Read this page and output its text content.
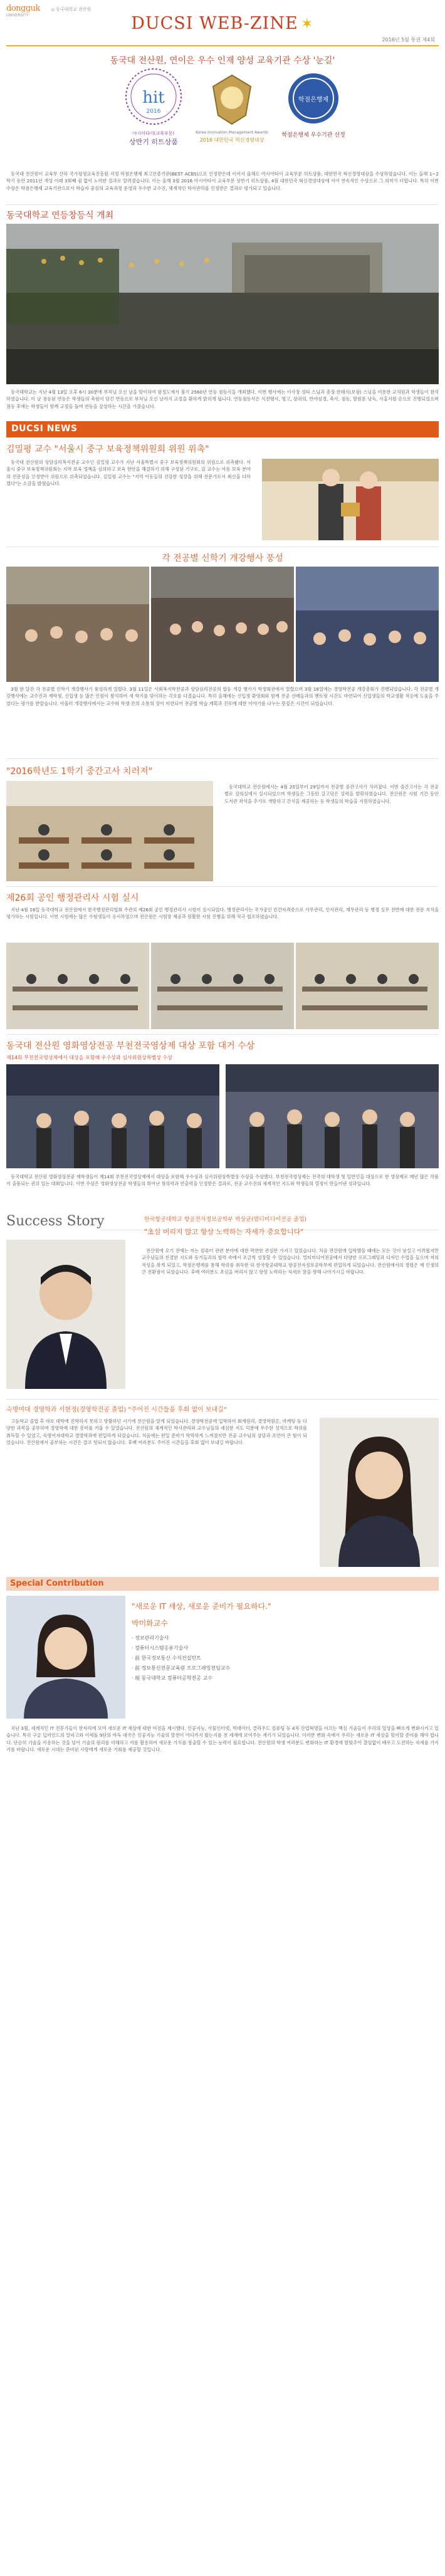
dongguk
UNIVERSITY
동국대학교 전산원
DUCSI WEB-ZINE ✶
2016년 5월 통권 제4회
동국대 전산원, 연이은 우수 인재 양성 교육기관 수상 '눈길'
hit
2016
아시아타이(교육부문)
상반기 히트상품
Korea Innovation Management Awards
2016 대한민국 혁신경영대상
학점은행제
학점은행제 우수기관 선정

동국대 전산원이 교육부 산하 국가평생교육진흥원 지정 학점은행제 최고인증기관(BEST ACBS)으로 인정받은데 이어서 올해도 아시아타이 교육부문 히트상품, 대한민국 혁신경영대상을 수상하였습니다. 이는 올해 1~2학기 동안 2011년 개설 이래 3회째 쉼 없이 노력한 결과로 알려졌습니다. 이는 올해 3월 2016 아시아타이 교육부문 상반기 히트상품, 4월 대한민국 혁신경영대상에 이어 연속적인 수상으로 그 의미가 더합니다. 특히 이번 수상은 학점은행제 교육기관으로서 학습자 중심의 교육과정 운영과 우수한 교수진, 체계적인 학사관리를 인정받은 결과로 평가되고 있습니다.

동국대학교 연등창등식 개최

동국대학교는 지난 4월 13일 오후 6시 30분에 부처님 오신 날을 맞이하여 팔정도에서 불기 2560년 연등 점등식을 개최했다. 이번 행사에는 이사장 성타 스님과 총장 한태식(보광) 스님을 비롯한 교직원과 학생들이 참석하였습니다. 이 날 점등된 연등은 학생들의 축원이 담긴 연등으로 부처님 오신 날까지 교정을 환하게 밝히게 됩니다. 연등점등식은 식전행사, 명고, 삼귀의, 반야심경, 축사, 점등, 발원문 낭독, 사홍서원 순으로 진행되었으며 점등 후에는 학생들이 함께 교정을 돌며 연등을 감상하는 시간을 가졌습니다.

DUCSI NEWS
김밀평 교수 "서울시 중구 보육정책위원회 위원 위촉"

동국대 전산원의 상담심리복지전공 교수인 김밀평 교수가 지난 서울특별시 중구 보육정책위원회의 위원으로 위촉됐다. 서울시 중구 보육정책위원회는 지역 보육 정책을 심의하고 보육 현안을 해결하기 위해 구성된 기구로, 김 교수는 아동 보육 분야의 전문성을 인정받아 위원으로 위촉되었습니다. 김밀평 교수는 "지역 아동들의 건강한 성장을 위해 전문가로서 최선을 다하겠다"는 소감을 밝혔습니다.

각 전공별 신학기 개강행사 풍성

3월 한 달간 각 전공별 신학기 개강행사가 풍성하게 열렸다. 3월 11일은 사회복지학전공과 상담심리전공의 합동 개강 행사가 학생회관에서 열렸으며 3월 18일에는 경영학전공 개강총회가 진행되었습니다. 각 전공별 개강행사에는 교수진과 재학생, 신입생 등 많은 인원이 참석하여 새 학기를 맞이하는 각오를 다졌습니다. 특히 올해에는 신입생 환영회와 함께 전공 선배들과의 멘토링 시간도 마련되어 신입생들의 학교생활 적응에 도움을 주었다는 평가를 받았습니다. 아울러 개강행사에서는 교수와 학생 간의 소통의 장이 마련되어 전공별 학습 계획과 진로에 대한 이야기를 나누는 뜻깊은 시간이 되었습니다.

"2016학년도 1학기 중간고사 치러져"

동국대학교 전산원에서는 4월 25일부터 29일까지 전공별 중간고사가 치러졌다. 이번 중간고사는 각 전공별로 강의실에서 실시되었으며 학생들은 그동안 갈고닦은 실력을 발휘하였습니다. 전산원은 시험 기간 동안 도서관 좌석을 추가로 개방하고 간식을 제공하는 등 학생들의 학습을 지원하였습니다.

제26회 공인 행정관리사 시험 실시

지난 4월 16일 동국대학교 전산원에서 한국행정관리협회 주관의 제26회 공인 행정관리사 시험이 실시되었다. 행정관리사는 국가공인 민간자격증으로 사무관리, 인사관리, 재무관리 등 행정 실무 전반에 대한 전문 지식을 평가하는 시험입니다. 이번 시험에는 많은 수험생들이 응시하였으며 전산원은 시험장 제공과 원활한 시험 진행을 위해 적극 협조하였습니다.

동국대 전산원 영화영상전공 부천전국영상제 대상 포함 대거 수상
제14회 부천전국영상제에서 대상을 포함해 우수상과 심사위원상특별상 수상

동국대학교 전산원 영화영상전공 재학생들이 제14회 부천전국영상제에서 대상을 포함해 우수상과 심사위원상특별상 수상을 수상했다. 부천전국영상제는 전국의 대학생 및 일반인을 대상으로 한 영상제로 매년 많은 작품이 출품되는 권위 있는 대회입니다. 이번 수상은 영화영상전공 학생들의 뛰어난 창의력과 연출력을 인정받은 결과로, 전공 교수진의 체계적인 지도와 학생들의 열정이 만들어낸 성과입니다.

Success Story	한국항공대학교 항공전자정보공학부 박상균(멀티미디어전공 졸업)
"초심 버리지 않고 항상 노력하는 자세가 중요합니다"

전산원에 오기 전에는 저는 컴퓨터 관련 분야에 대한 막연한 관심만 가지고 있었습니다. 처음 전산원에 입학했을 때에는 모든 것이 낯설고 어려웠지만 교수님들의 친절한 지도와 동기들과의 협력 속에서 조금씩 성장할 수 있었습니다. 멀티미디어전공에서 다양한 프로그래밍과 디자인 수업을 들으며 저의 적성을 찾게 되었고, 학점은행제를 통해 학위를 취득한 뒤 한국항공대학교 항공전자정보공학부에 편입하게 되었습니다. 전산원에서의 경험은 제 인생의 큰 전환점이 되었습니다. 후배 여러분도 초심을 버리지 않고 항상 노력하는 자세로 꿈을 향해 나아가시길 바랍니다.

숙명여대 경영학과 서현정(경영학전공 졸업) "주어진 시간들을 후회 없이 보내길"

고등학교 졸업 후 바로 대학에 진학하지 못하고 방황하던 시기에 전산원을 알게 되었습니다. 경영학전공에 입학하여 회계원리, 경영학원론, 마케팅 등 다양한 과목을 공부하며 경영학에 대한 흥미를 키울 수 있었습니다. 전산원의 체계적인 학사관리와 교수님들의 세심한 지도 덕분에 우수한 성적으로 학위를 취득할 수 있었고, 숙명여자대학교 경영학과에 편입하게 되었습니다. 처음에는 편입 준비가 막막하게 느껴졌지만 전공 교수님의 상담과 조언이 큰 힘이 되었습니다. 전산원에서 공부하는 시간은 결코 헛되지 않습니다. 후배 여러분도 주어진 시간들을 후회 없이 보내길 바랍니다.

Special Contribution
"새로운 IT 세상, 새로운 준비가 필요하다."
박미화교수
· 정보관리기술사
· 컴퓨터시스템응용기술사
· 前 한국정보통신 수석컨설턴트
· 前 정보통신전문교육원 프로그래밍전임교수
· 現 동국대학교 컴퓨터공학전공 교수

지난 3월, 세계적인 IT 전문가들이 한자리에 모여 새로운 IT 세상에 대한 비전을 제시했다. 인공지능, 사물인터넷, 빅데이터, 클라우드 컴퓨팅 등 4차 산업혁명을 이끄는 핵심 기술들이 우리의 일상을 빠르게 변화시키고 있습니다. 특히 구글 딥마인드의 알파고와 이세돌 9단의 바둑 대국은 인공지능 기술의 발전이 어디까지 왔는지를 전 세계에 보여주는 계기가 되었습니다. 이러한 변화 속에서 우리는 새로운 IT 세상을 맞이할 준비를 해야 합니다. 단순히 기술을 사용하는 것을 넘어 기술의 원리를 이해하고 이를 활용하여 새로운 가치를 창출할 수 있는 능력이 필요합니다. 전산원의 학생 여러분도 변화하는 IT 환경에 발맞추어 끊임없이 배우고 도전하는 자세를 가지기를 바랍니다. 새로운 시대는 준비된 사람에게 새로운 기회를 제공할 것입니다.
